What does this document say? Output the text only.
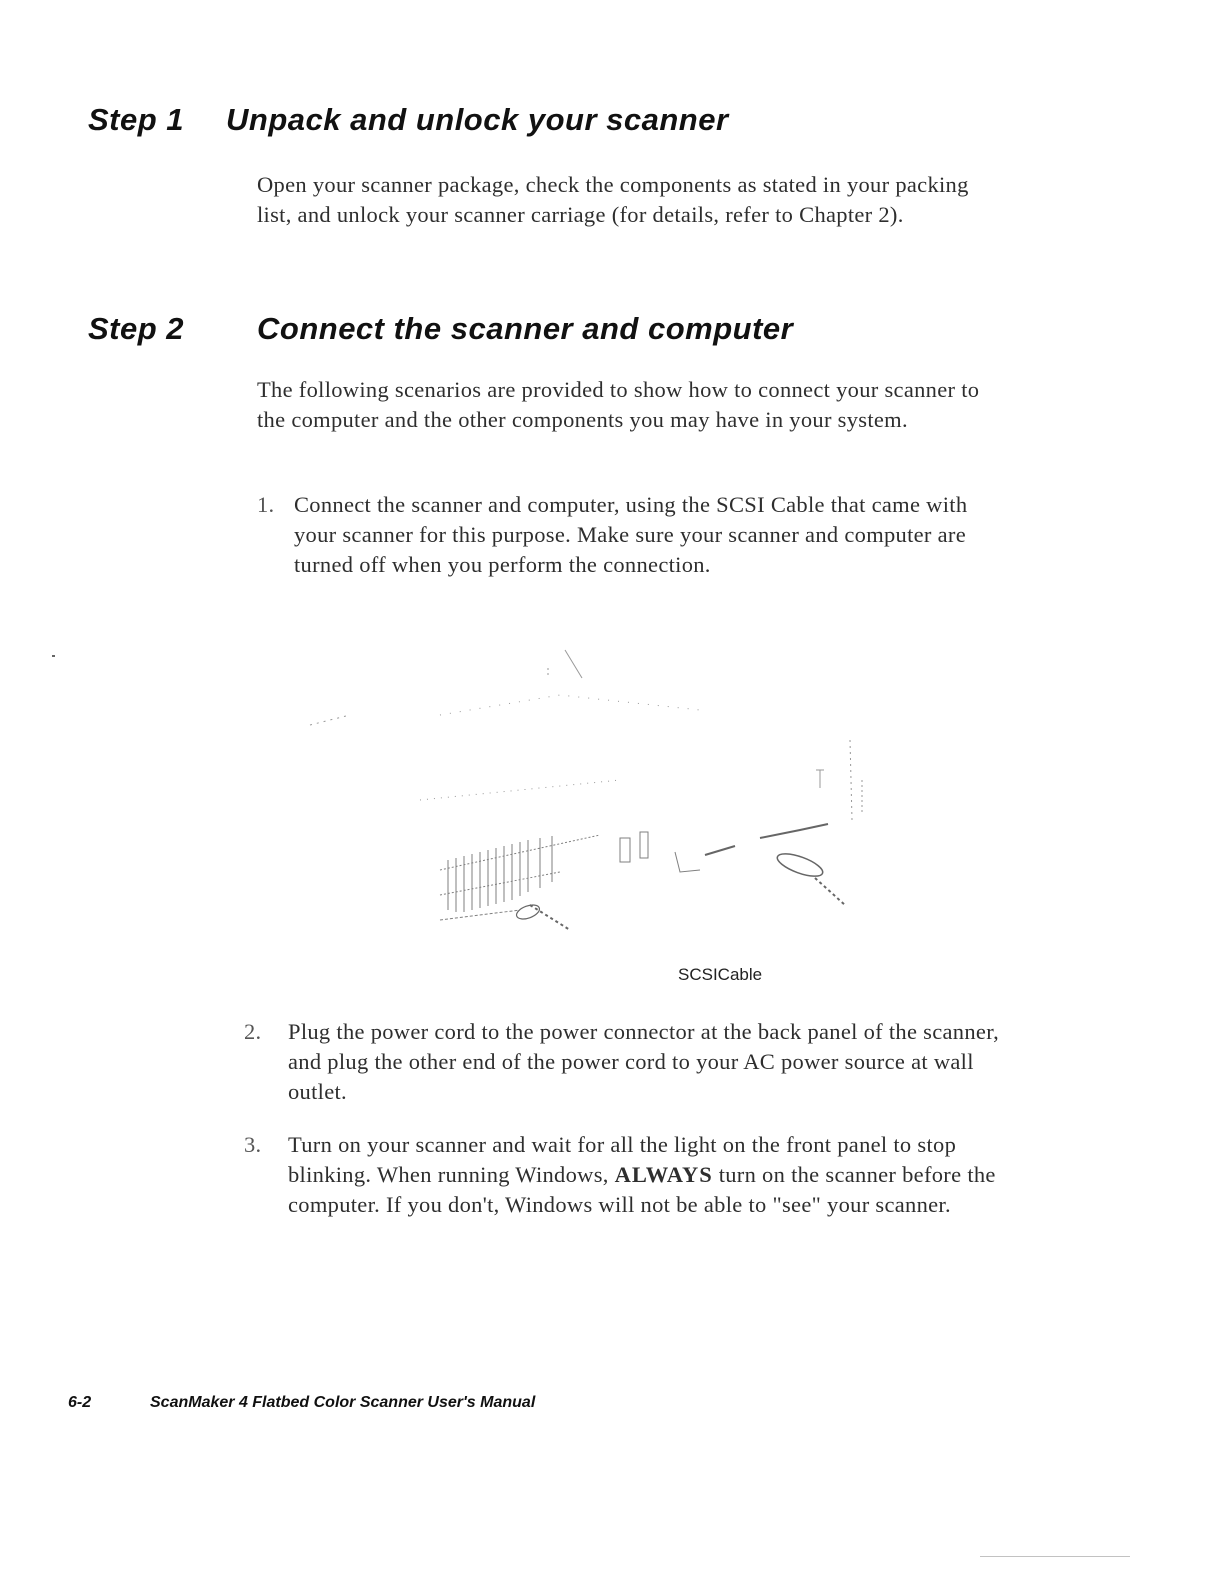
Step 1 Unpack and unlock your scanner
Open your scanner package, check the components as stated in your packing list, and unlock your scanner carriage (for details, refer to Chapter 2).
Step 2 Connect the scanner and computer
The following scenarios are provided to show how to connect your scanner to the computer and the other components you may have in your system.
1. Connect the scanner and computer, using the SCSI Cable that came with your scanner for this purpose. Make sure your scanner and computer are turned off when you perform the connection.
SCSICable
2. Plug the power cord to the power connector at the back panel of the scanner, and plug the other end of the power cord to your AC power source at wall outlet.
3. Turn on your scanner and wait for all the light on the front panel to stop blinking. When running Windows, ALWAYS turn on the scanner before the computer. If you don't, Windows will not be able to "see" your scanner.
6-2	ScanMaker 4 Flatbed Color Scanner User's Manual
